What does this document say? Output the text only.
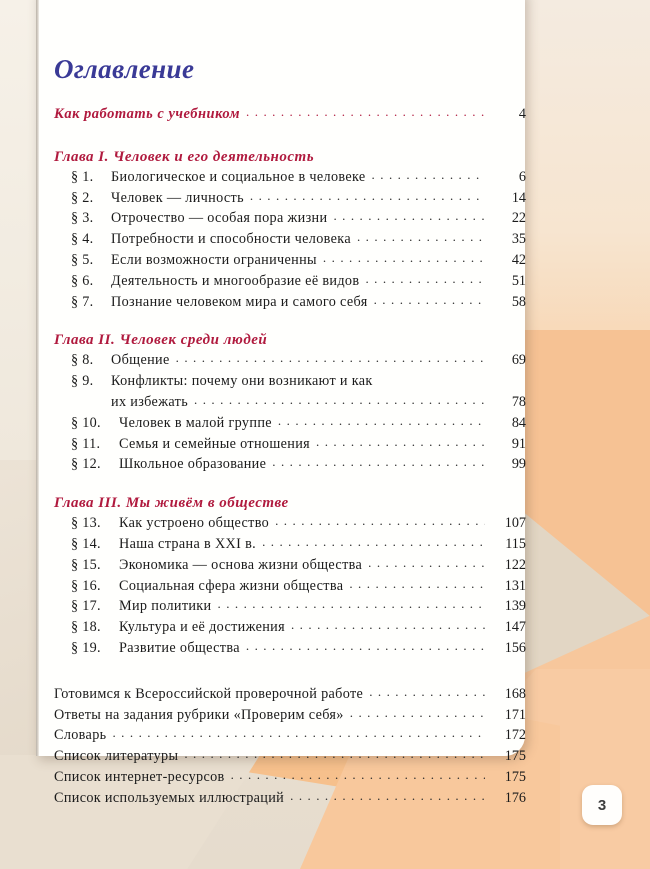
Оглавление
Как работать с учебником . . .	4
Глава I. Человек и его деятельность
§ 1.	Биологическое и социальное в человеке . . .	6
§ 2.	Человек — личность . . .	14
§ 3.	Отрочество — особая пора жизни . . .	22
§ 4.	Потребности и способности человека . . .	35
§ 5.	Если возможности ограниченны . . .	42
§ 6.	Деятельность и многообразие её видов . . .	51
§ 7.	Познание человеком мира и самого себя . . .	58
Глава II. Человек среди людей
§ 8.	Общение . . .	69
§ 9.	Конфликты: почему они возникают и как
их избежать . . .	78
§ 10.	Человек в малой группе . . .	84
§ 11.	Семья и семейные отношения . . .	91
§ 12.	Школьное образование . . .	99
Глава III. Мы живём в обществе
§ 13.	Как устроено общество . . .	107
§ 14.	Наша страна в XXI в. . . .	115
§ 15.	Экономика — основа жизни общества . . .	122
§ 16.	Социальная сфера жизни общества . . .	131
§ 17.	Мир политики . . .	139
§ 18.	Культура и её достижения . . .	147
§ 19.	Развитие общества . . .	156
Готовимся к Всероссийской проверочной работе . . .	168
Ответы на задания рубрики «Проверим себя» . . .	171
Словарь . . .	172
Список литературы . . .	175
Список интернет-ресурсов . . .	175
Список используемых иллюстраций . . .	176	3
